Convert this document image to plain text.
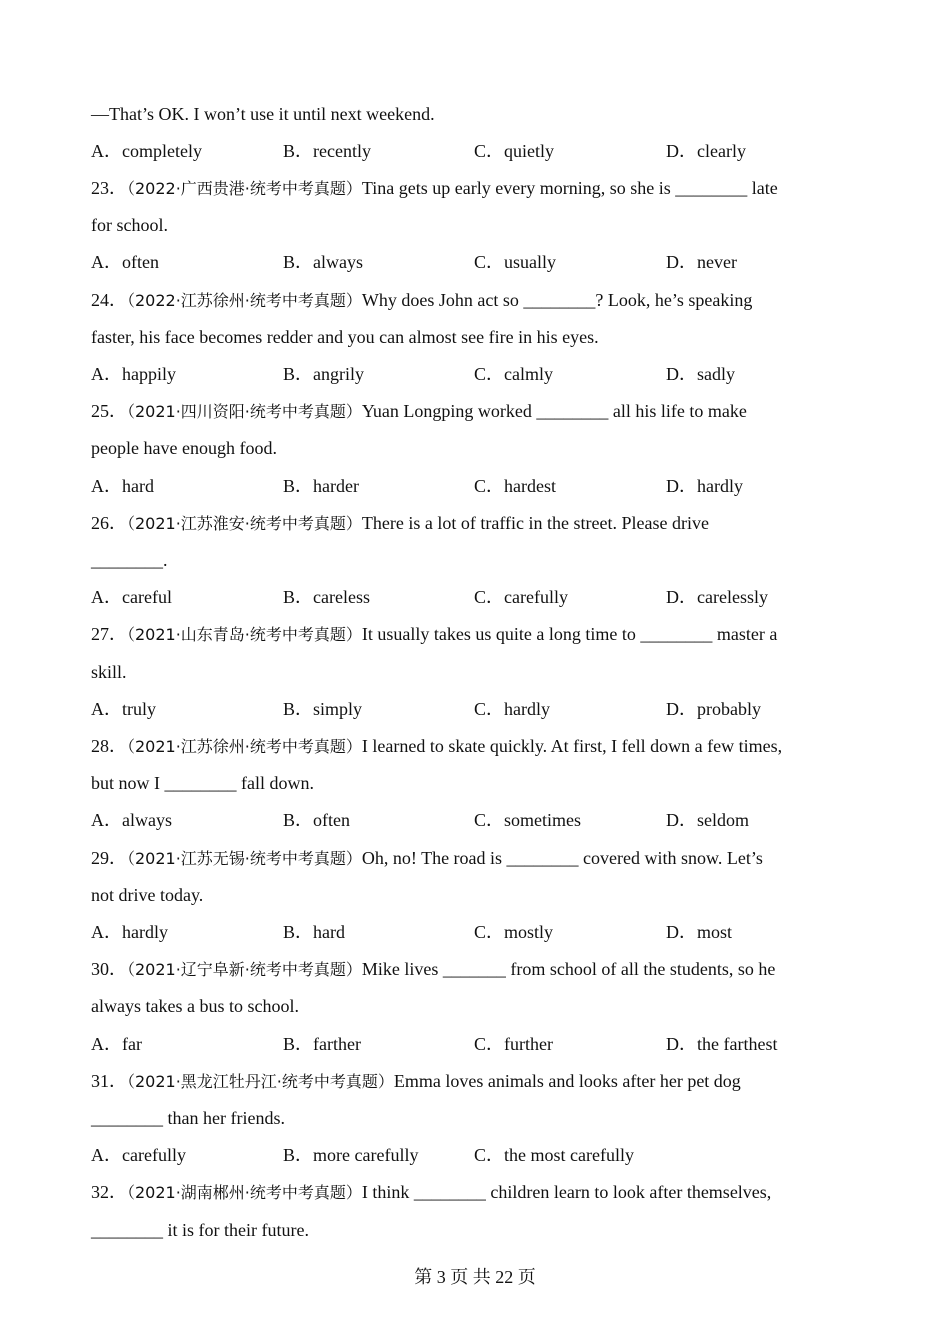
—That’s OK. I won’t use it until next weekend.
A．completely	B．recently	C．quietly	D．clearly
23．（2022·广西贵港·统考中考真题）Tina gets up early every morning, so she is ________ late
for school.
A．often	B．always	C．usually	D．never
24．（2022·江苏徐州·统考中考真题）Why does John act so ________? Look, he’s speaking
faster, his face becomes redder and you can almost see fire in his eyes.
A．happily	B．angrily	C．calmly	D．sadly
25．（2021·四川资阳·统考中考真题）Yuan Longping worked ________ all his life to make
people have enough food.
A．hard	B．harder	C．hardest	D．hardly
26．（2021·江苏淮安·统考中考真题）There is a lot of traffic in the street. Please drive
________.
A．careful	B．careless	C．carefully	D．carelessly
27．（2021·山东青岛·统考中考真题）It usually takes us quite a long time to ________ master a
skill.
A．truly	B．simply	C．hardly	D．probably
28．（2021·江苏徐州·统考中考真题）I learned to skate quickly. At first, I fell down a few times,
but now I ________ fall down.
A．always	B．often	C．sometimes	D．seldom
29．（2021·江苏无锡·统考中考真题）Oh, no! The road is ________ covered with snow. Let’s
not drive today.
A．hardly	B．hard	C．mostly	D．most
30．（2021·辽宁阜新·统考中考真题）Mike lives _______ from school of all the students, so he
always takes a bus to school.
A．far	B．farther	C．further	D．the farthest
31．（2021·黑龙江牡丹江·统考中考真题）Emma loves animals and looks after her pet dog
________ than her friends.
A．carefully	B．more carefully	C．the most carefully
32．（2021·湖南郴州·统考中考真题）I think ________ children learn to look after themselves,
________ it is for their future.
第 3 页 共 22 页
